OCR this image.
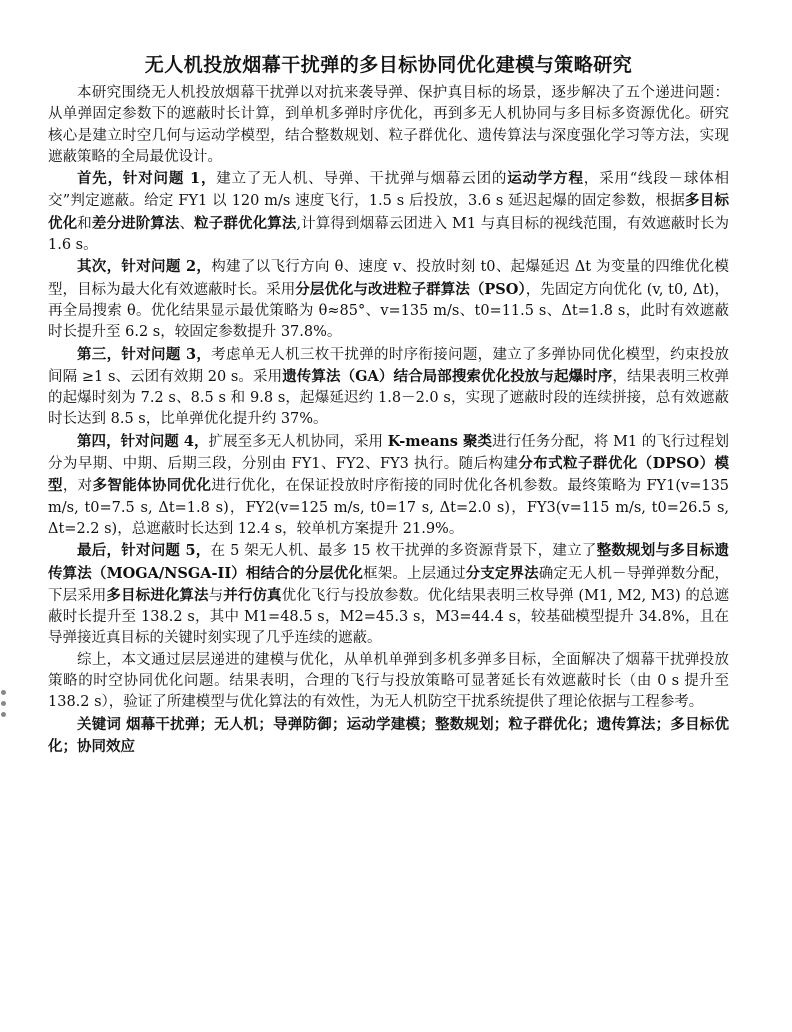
无人机投放烟幕干扰弹的多目标协同优化建模与策略研究

本研究围绕无人机投放烟幕干扰弹以对抗来袭导弹、保护真目标的场景，逐步解决了五个递进问题：从单弹固定参数下的遮蔽时长计算，到单机多弹时序优化，再到多无人机协同与多目标多资源优化。研究核心是建立时空几何与运动学模型，结合整数规划、粒子群优化、遗传算法与深度强化学习等方法，实现遮蔽策略的全局最优设计。

首先，针对问题 1，建立了无人机、导弹、干扰弹与烟幕云团的运动学方程，采用“线段－球体相交”判定遮蔽。给定 FY1 以 120 m/s 速度飞行，1.5 s 后投放，3.6 s 延迟起爆的固定参数，根据多目标优化和差分进阶算法、粒子群优化算法,计算得到烟幕云团进入 M1 与真目标的视线范围，有效遮蔽时长为 1.6 s。

其次，针对问题 2，构建了以飞行方向 θ、速度 v、投放时刻 t0、起爆延迟 Δt 为变量的四维优化模型，目标为最大化有效遮蔽时长。采用分层优化与改进粒子群算法（PSO），先固定方向优化 (v, t0, Δt)，再全局搜索 θ。优化结果显示最优策略为 θ≈85°、v=135 m/s、t0=11.5 s、Δt=1.8 s，此时有效遮蔽时长提升至 6.2 s，较固定参数提升 37.8%。

第三，针对问题 3，考虑单无人机三枚干扰弹的时序衔接问题，建立了多弹协同优化模型，约束投放间隔 ≥1 s、云团有效期 20 s。采用遗传算法（GA）结合局部搜索优化投放与起爆时序，结果表明三枚弹的起爆时刻为 7.2 s、8.5 s 和 9.8 s，起爆延迟约 1.8－2.0 s，实现了遮蔽时段的连续拼接，总有效遮蔽时长达到 8.5 s，比单弹优化提升约 37%。

第四，针对问题 4，扩展至多无人机协同，采用 K-means 聚类进行任务分配，将 M1 的飞行过程划分为早期、中期、后期三段，分别由 FY1、FY2、FY3 执行。随后构建分布式粒子群优化（DPSO）模型，对多智能体协同优化进行优化，在保证投放时序衔接的同时优化各机参数。最终策略为 FY1(v=135 m/s, t0=7.5 s, Δt=1.8 s)，FY2(v=125 m/s, t0=17 s, Δt=2.0 s)，FY3(v=115 m/s, t0=26.5 s, Δt=2.2 s)，总遮蔽时长达到 12.4 s，较单机方案提升 21.9%。

最后，针对问题 5，在 5 架无人机、最多 15 枚干扰弹的多资源背景下，建立了整数规划与多目标遗传算法（MOGA/NSGA-II）相结合的分层优化框架。上层通过分支定界法确定无人机－导弹弹数分配，下层采用多目标进化算法与并行仿真优化飞行与投放参数。优化结果表明三枚导弹 (M1, M2, M3) 的总遮蔽时长提升至 138.2 s，其中 M1=48.5 s，M2=45.3 s，M3=44.4 s，较基础模型提升 34.8%，且在导弹接近真目标的关键时刻实现了几乎连续的遮蔽。

综上，本文通过层层递进的建模与优化，从单机单弹到多机多弹多目标，全面解决了烟幕干扰弹投放策略的时空协同优化问题。结果表明，合理的飞行与投放策略可显著延长有效遮蔽时长（由 0 s 提升至 138.2 s），验证了所建模型与优化算法的有效性，为无人机防空干扰系统提供了理论依据与工程参考。

关键词 烟幕干扰弹；无人机；导弹防御；运动学建模；整数规划；粒子群优化；遗传算法；多目标优化；协同效应
